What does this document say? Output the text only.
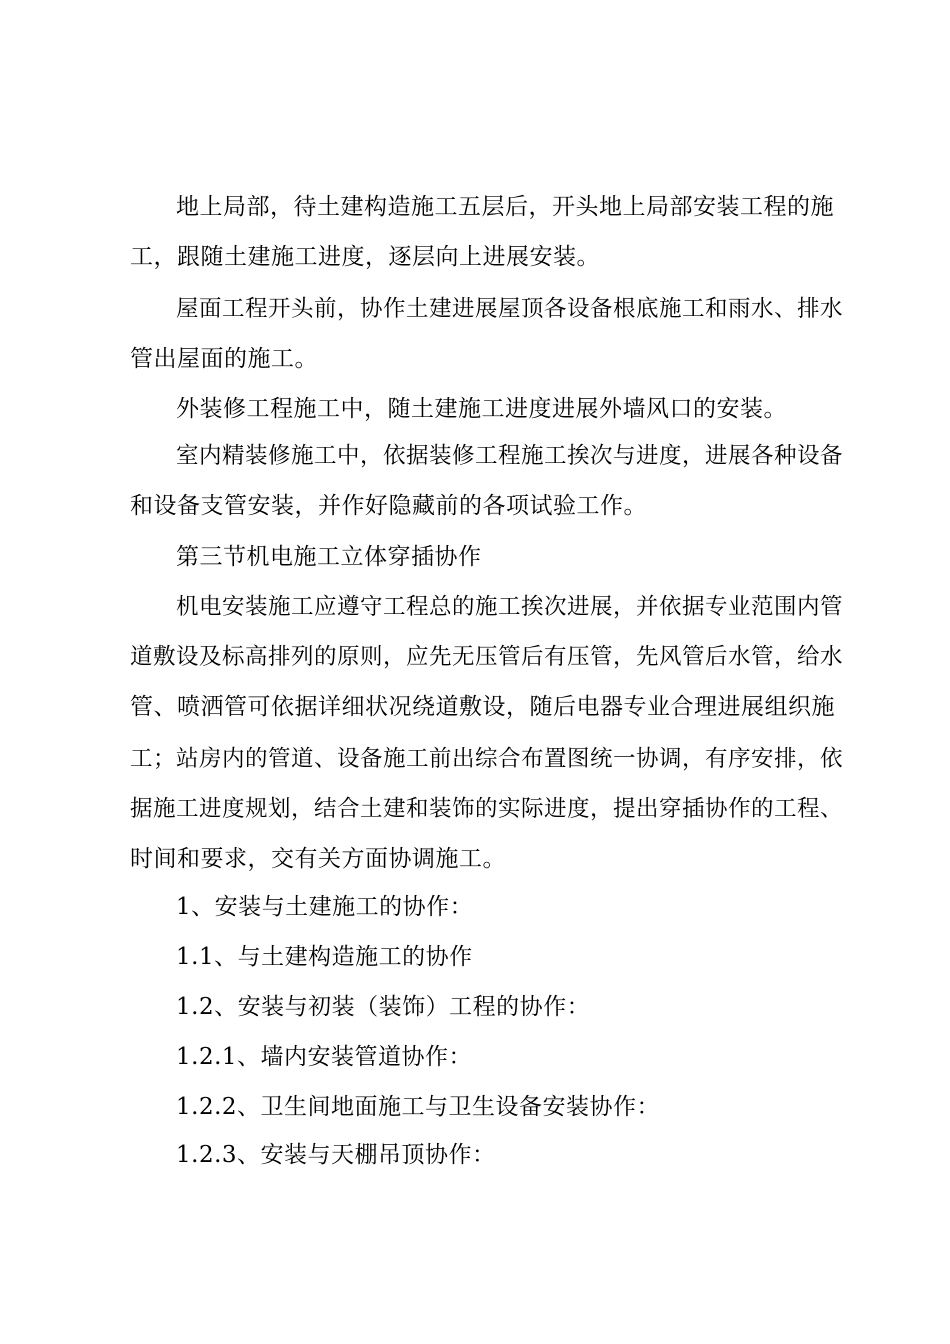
地上局部，待土建构造施工五层后，开头地上局部安装工程的施
工，跟随土建施工进度，逐层向上进展安装。
屋面工程开头前，协作土建进展屋顶各设备根底施工和雨水、排水
管出屋面的施工。
外装修工程施工中，随土建施工进度进展外墙风口的安装。
室内精装修施工中，依据装修工程施工挨次与进度，进展各种设备
和设备支管安装，并作好隐藏前的各项试验工作。
第三节机电施工立体穿插协作
机电安装施工应遵守工程总的施工挨次进展，并依据专业范围内管
道敷设及标高排列的原则，应先无压管后有压管，先风管后水管，给水
管、喷洒管可依据详细状况绕道敷设，随后电器专业合理进展组织施
工；站房内的管道、设备施工前出综合布置图统一协调，有序安排，依
据施工进度规划，结合土建和装饰的实际进度，提出穿插协作的工程、
时间和要求，交有关方面协调施工。
1、安装与土建施工的协作：
1.1、与土建构造施工的协作
1.2、安装与初装（装饰）工程的协作：
1.2.1、墙内安装管道协作：
1.2.2、卫生间地面施工与卫生设备安装协作：
1.2.3、安装与天棚吊顶协作：
